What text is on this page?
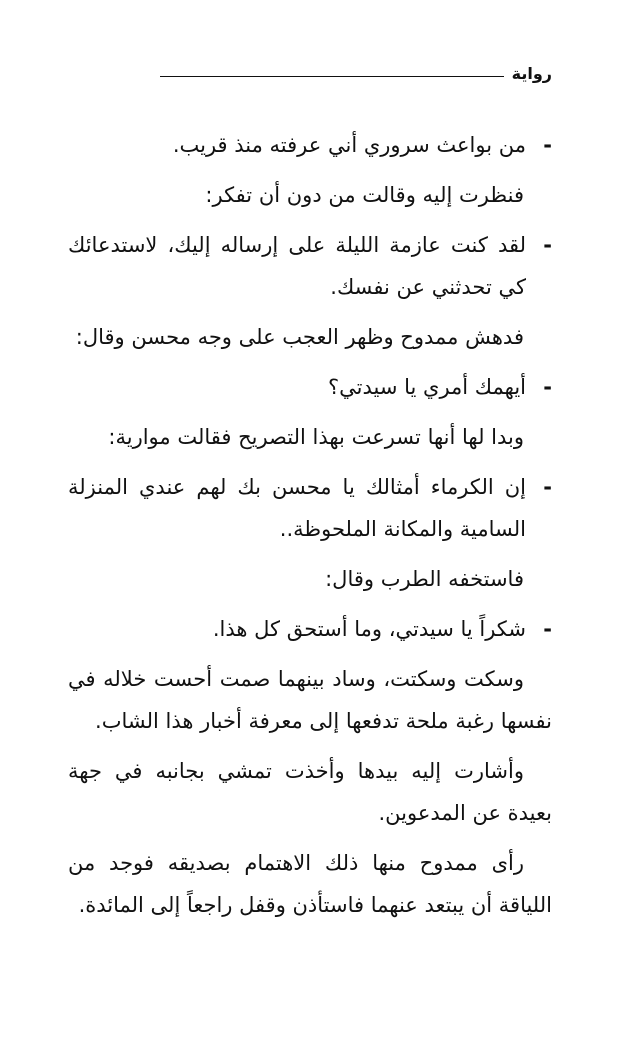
رواية

- من بواعث سروري أني عرفته منذ قريب.

فنظرت إليه وقالت من دون أن تفكر:

- لقد كنت عازمة الليلة على إرساله إليك، لاستدعائك كي تحدثني عن نفسك.

فدهش ممدوح وظهر العجب على وجه محسن وقال:

- أيهمك أمري يا سيدتي؟

وبدا لها أنها تسرعت بهذا التصريح فقالت موارية:

- إن الكرماء أمثالك يا محسن بك لهم عندي المنزلة السامية والمكانة الملحوظة..

فاستخفه الطرب وقال:

- شكراً يا سيدتي، وما أستحق كل هذا.

وسكت وسكتت، وساد بينهما صمت أحست خلاله في نفسها رغبة ملحة تدفعها إلى معرفة أخبار هذا الشاب.

وأشارت إليه بيدها وأخذت تمشي بجانبه في جهة بعيدة عن المدعوين.

رأى ممدوح منها ذلك الاهتمام بصديقه فوجد من اللياقة أن يبتعد عنهما فاستأذن وقفل راجعاً إلى المائدة.
